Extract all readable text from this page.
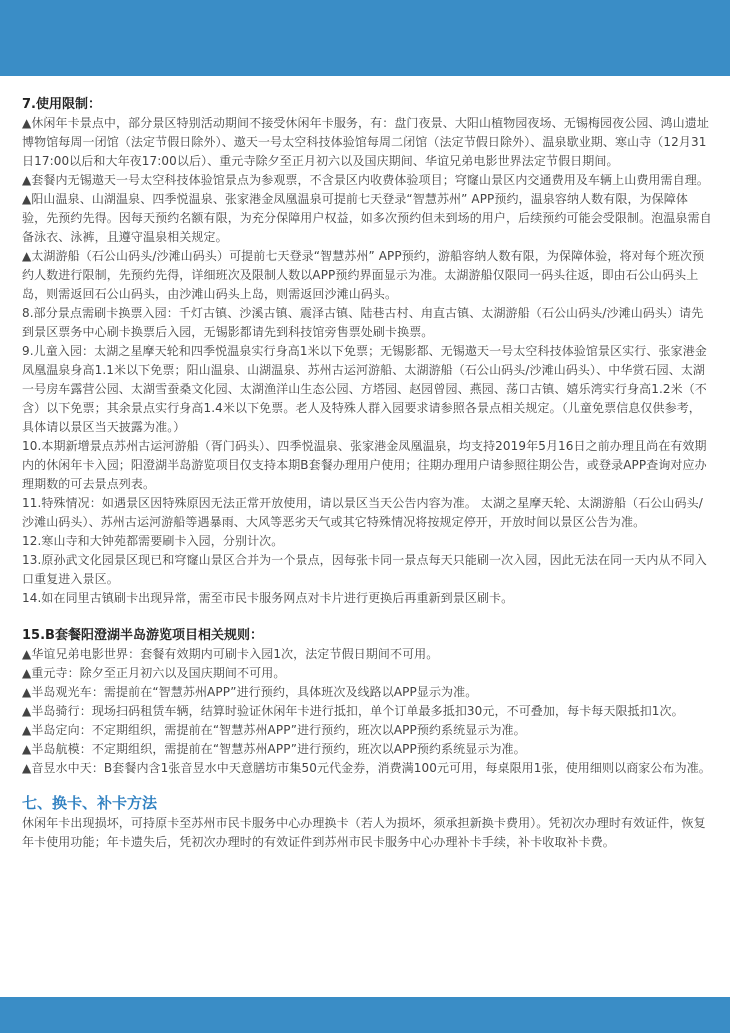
7.使用限制：

▲休闲年卡景点中，部分景区特别活动期间不接受休闲年卡服务，有：盘门夜景、大阳山植物园夜场、无锡梅园夜公园、鸿山遗址博物馆每周一闭馆（法定节假日除外）、遨天一号太空科技体验馆每周二闭馆（法定节假日除外）、温泉歇业期、寒山寺（12月31日17:00以后和大年夜17:00以后）、重元寺除夕至正月初六以及国庆期间、华谊兄弟电影世界法定节假日期间。

▲套餐内无锡遨天一号太空科技体验馆景点为参观票，不含景区内收费体验项目；穹窿山景区内交通费用及车辆上山费用需自理。

▲阳山温泉、山湖温泉、四季悦温泉、张家港金凤凰温泉可提前七天登录“智慧苏州” APP预约，温泉容纳人数有限，为保障体验，先预约先得。因每天预约名额有限，为充分保障用户权益，如多次预约但未到场的用户，后续预约可能会受限制。泡温泉需自备泳衣、泳裤，且遵守温泉相关规定。

▲太湖游船（石公山码头/沙滩山码头）可提前七天登录“智慧苏州” APP预约，游船容纳人数有限，为保障体验，将对每个班次预约人数进行限制，先预约先得，详细班次及限制人数以APP预约界面显示为准。太湖游船仅限同一码头往返，即由石公山码头上岛，则需返回石公山码头，由沙滩山码头上岛，则需返回沙滩山码头。

8.部分景点需刷卡换票入园：千灯古镇、沙溪古镇、震泽古镇、陆巷古村、甪直古镇、太湖游船（石公山码头/沙滩山码头）请先到景区票务中心刷卡换票后入园，无锡影都请先到科技馆旁售票处刷卡换票。

9.儿童入园：太湖之星摩天轮和四季悦温泉实行身高1米以下免票；无锡影都、无锡遨天一号太空科技体验馆景区实行、张家港金凤凰温泉身高1.1米以下免票；阳山温泉、山湖温泉、苏州古运河游船、太湖游船（石公山码头/沙滩山码头）、中华赏石园、太湖一号房车露营公园、太湖雪蚕桑文化园、太湖渔洋山生态公园、方塔园、赵园曾园、燕园、荡口古镇、嬉乐湾实行身高1.2米（不含）以下免票；其余景点实行身高1.4米以下免票。老人及特殊人群入园要求请参照各景点相关规定。（儿童免票信息仅供参考，具体请以景区当天披露为准。）

10.本期新增景点苏州古运河游船（胥门码头）、四季悦温泉、张家港金凤凰温泉，均支持2019年5月16日之前办理且尚在有效期内的休闲年卡入园；阳澄湖半岛游览项目仅支持本期B套餐办理用户使用；往期办理用户请参照往期公告，或登录APP查询对应办理期数的可去景点列表。

11.特殊情况：如遇景区因特殊原因无法正常开放使用，请以景区当天公告内容为准。 太湖之星摩天轮、太湖游船（石公山码头/沙滩山码头）、苏州古运河游船等遇暴雨、大风等恶劣天气或其它特殊情况将按规定停开，开放时间以景区公告为准。

12.寒山寺和大钟苑都需要刷卡入园，分别计次。

13.原孙武文化园景区现已和穹窿山景区合并为一个景点，因每张卡同一景点每天只能刷一次入园，因此无法在同一天内从不同入口重复进入景区。

14.如在同里古镇刷卡出现异常，需至市民卡服务网点对卡片进行更换后再重新到景区刷卡。

15.B套餐阳澄湖半岛游览项目相关规则：

▲华谊兄弟电影世界：套餐有效期内可刷卡入园1次，法定节假日期间不可用。

▲重元寺：除夕至正月初六以及国庆期间不可用。

▲半岛观光车：需提前在“智慧苏州APP”进行预约，具体班次及线路以APP显示为准。

▲半岛骑行：现场扫码租赁车辆，结算时验证休闲年卡进行抵扣，单个订单最多抵扣30元，不可叠加，每卡每天限抵扣1次。

▲半岛定向：不定期组织，需提前在“智慧苏州APP”进行预约，班次以APP预约系统显示为准。

▲半岛航模：不定期组织，需提前在“智慧苏州APP”进行预约，班次以APP预约系统显示为准。

▲音昱水中天：B套餐内含1张音昱水中天意膳坊市集50元代金券，消费满100元可用，每桌限用1张，使用细则以商家公布为准。

七、换卡、补卡方法

休闲年卡出现损坏，可持原卡至苏州市民卡服务中心办理换卡（若人为损坏，须承担新换卡费用）。凭初次办理时有效证件，恢复年卡使用功能；年卡遗失后，凭初次办理时的有效证件到苏州市民卡服务中心办理补卡手续，补卡收取补卡费。
